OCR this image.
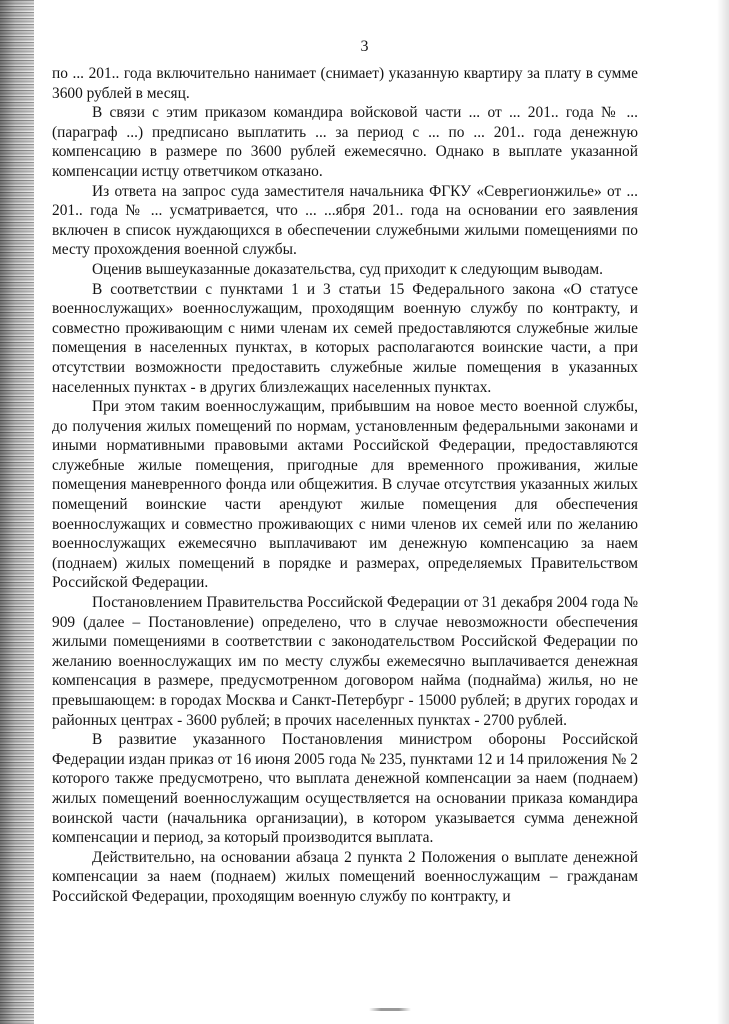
3

по ... 201.. года включительно нанимает (снимает) указанную квартиру за плату в сумме 3600 рублей в месяц.

В связи с этим приказом командира войсковой части ... от ... 201.. года № ... (параграф ...) предписано выплатить ... за период с ... по ... 201.. года денежную компенсацию в размере по 3600 рублей ежемесячно. Однако в выплате указанной компенсации истцу ответчиком отказано.

Из ответа на запрос суда заместителя начальника ФГКУ «Севрегионжилье» от ... 201.. года № ... усматривается, что ... ...ября 201.. года на основании его заявления включен в список нуждающихся в обеспечении служебными жилыми помещениями по месту прохождения военной службы.

Оценив вышеуказанные доказательства, суд приходит к следующим выводам.

В соответствии с пунктами 1 и 3 статьи 15 Федерального закона «О статусе военнослужащих» военнослужащим, проходящим военную службу по контракту, и совместно проживающим с ними членам их семей предоставляются служебные жилые помещения в населенных пунктах, в которых располагаются воинские части, а при отсутствии возможности предоставить служебные жилые помещения в указанных населенных пунктах - в других близлежащих населенных пунктах.

При этом таким военнослужащим, прибывшим на новое место военной службы, до получения жилых помещений по нормам, установленным федеральными законами и иными нормативными правовыми актами Российской Федерации, предоставляются служебные жилые помещения, пригодные для временного проживания, жилые помещения маневренного фонда или общежития. В случае отсутствия указанных жилых помещений воинские части арендуют жилые помещения для обеспечения военнослужащих и совместно проживающих с ними членов их семей или по желанию военнослужащих ежемесячно выплачивают им денежную компенсацию за наем (поднаем) жилых помещений в порядке и размерах, определяемых Правительством Российской Федерации.

Постановлением Правительства Российской Федерации от 31 декабря 2004 года № 909 (далее – Постановление) определено, что в случае невозможности обеспечения жилыми помещениями в соответствии с законодательством Российской Федерации по желанию военнослужащих им по месту службы ежемесячно выплачивается денежная компенсация в размере, предусмотренном договором найма (поднайма) жилья, но не превышающем: в городах Москва и Санкт-Петербург - 15000 рублей; в других городах и районных центрах - 3600 рублей; в прочих населенных пунктах - 2700 рублей.

В развитие указанного Постановления министром обороны Российской Федерации издан приказ от 16 июня 2005 года № 235, пунктами 12 и 14 приложения № 2 которого также предусмотрено, что выплата денежной компенсации за наем (поднаем) жилых помещений военнослужащим осуществляется на основании приказа командира воинской части (начальника организации), в котором указывается сумма денежной компенсации и период, за который производится выплата.

Действительно, на основании абзаца 2 пункта 2 Положения о выплате денежной компенсации за наем (поднаем) жилых помещений военнослужащим – гражданам Российской Федерации, проходящим военную службу по контракту, и
